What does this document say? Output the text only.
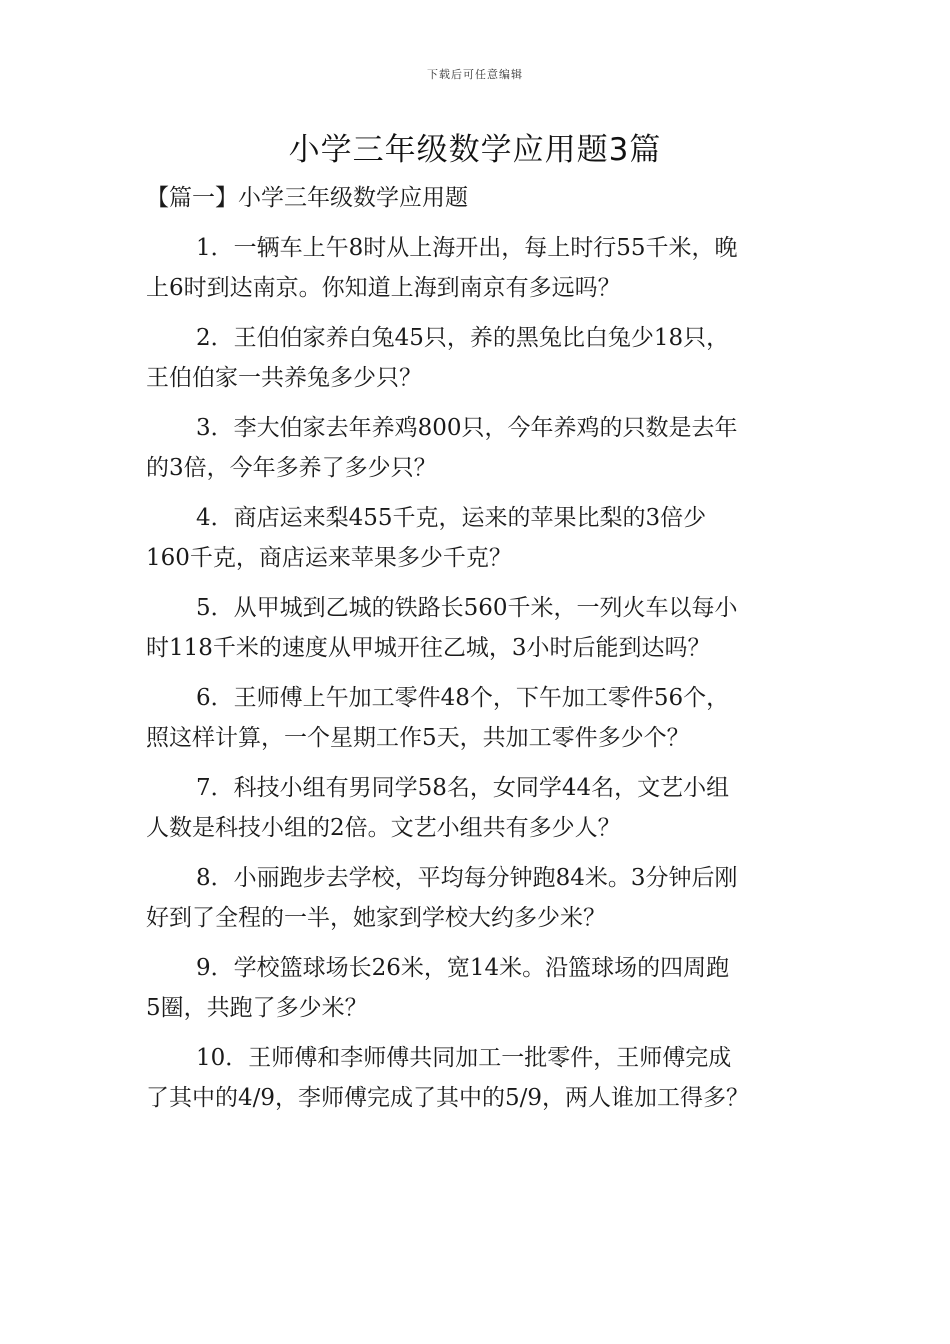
下载后可任意编辑
小学三年级数学应用题3篇
【篇一】小学三年级数学应用题
1．一辆车上午8时从上海开出，每上时行55千米，晚
上6时到达南京。你知道上海到南京有多远吗？
2．王伯伯家养白兔45只，养的黑兔比白兔少18只，
王伯伯家一共养兔多少只？
3．李大伯家去年养鸡800只，今年养鸡的只数是去年
的3倍，今年多养了多少只？
4．商店运来梨455千克，运来的苹果比梨的3倍少
160千克，商店运来苹果多少千克？
5．从甲城到乙城的铁路长560千米，一列火车以每小
时118千米的速度从甲城开往乙城，3小时后能到达吗？
6．王师傅上午加工零件48个，下午加工零件56个，
照这样计算，一个星期工作5天，共加工零件多少个？
7．科技小组有男同学58名，女同学44名，文艺小组
人数是科技小组的2倍。文艺小组共有多少人？
8．小丽跑步去学校，平均每分钟跑84米。3分钟后刚
好到了全程的一半，她家到学校大约多少米？
9．学校篮球场长26米，宽14米。沿篮球场的四周跑
5圈，共跑了多少米？
10．王师傅和李师傅共同加工一批零件，王师傅完成
了其中的4/9，李师傅完成了其中的5/9，两人谁加工得多？
